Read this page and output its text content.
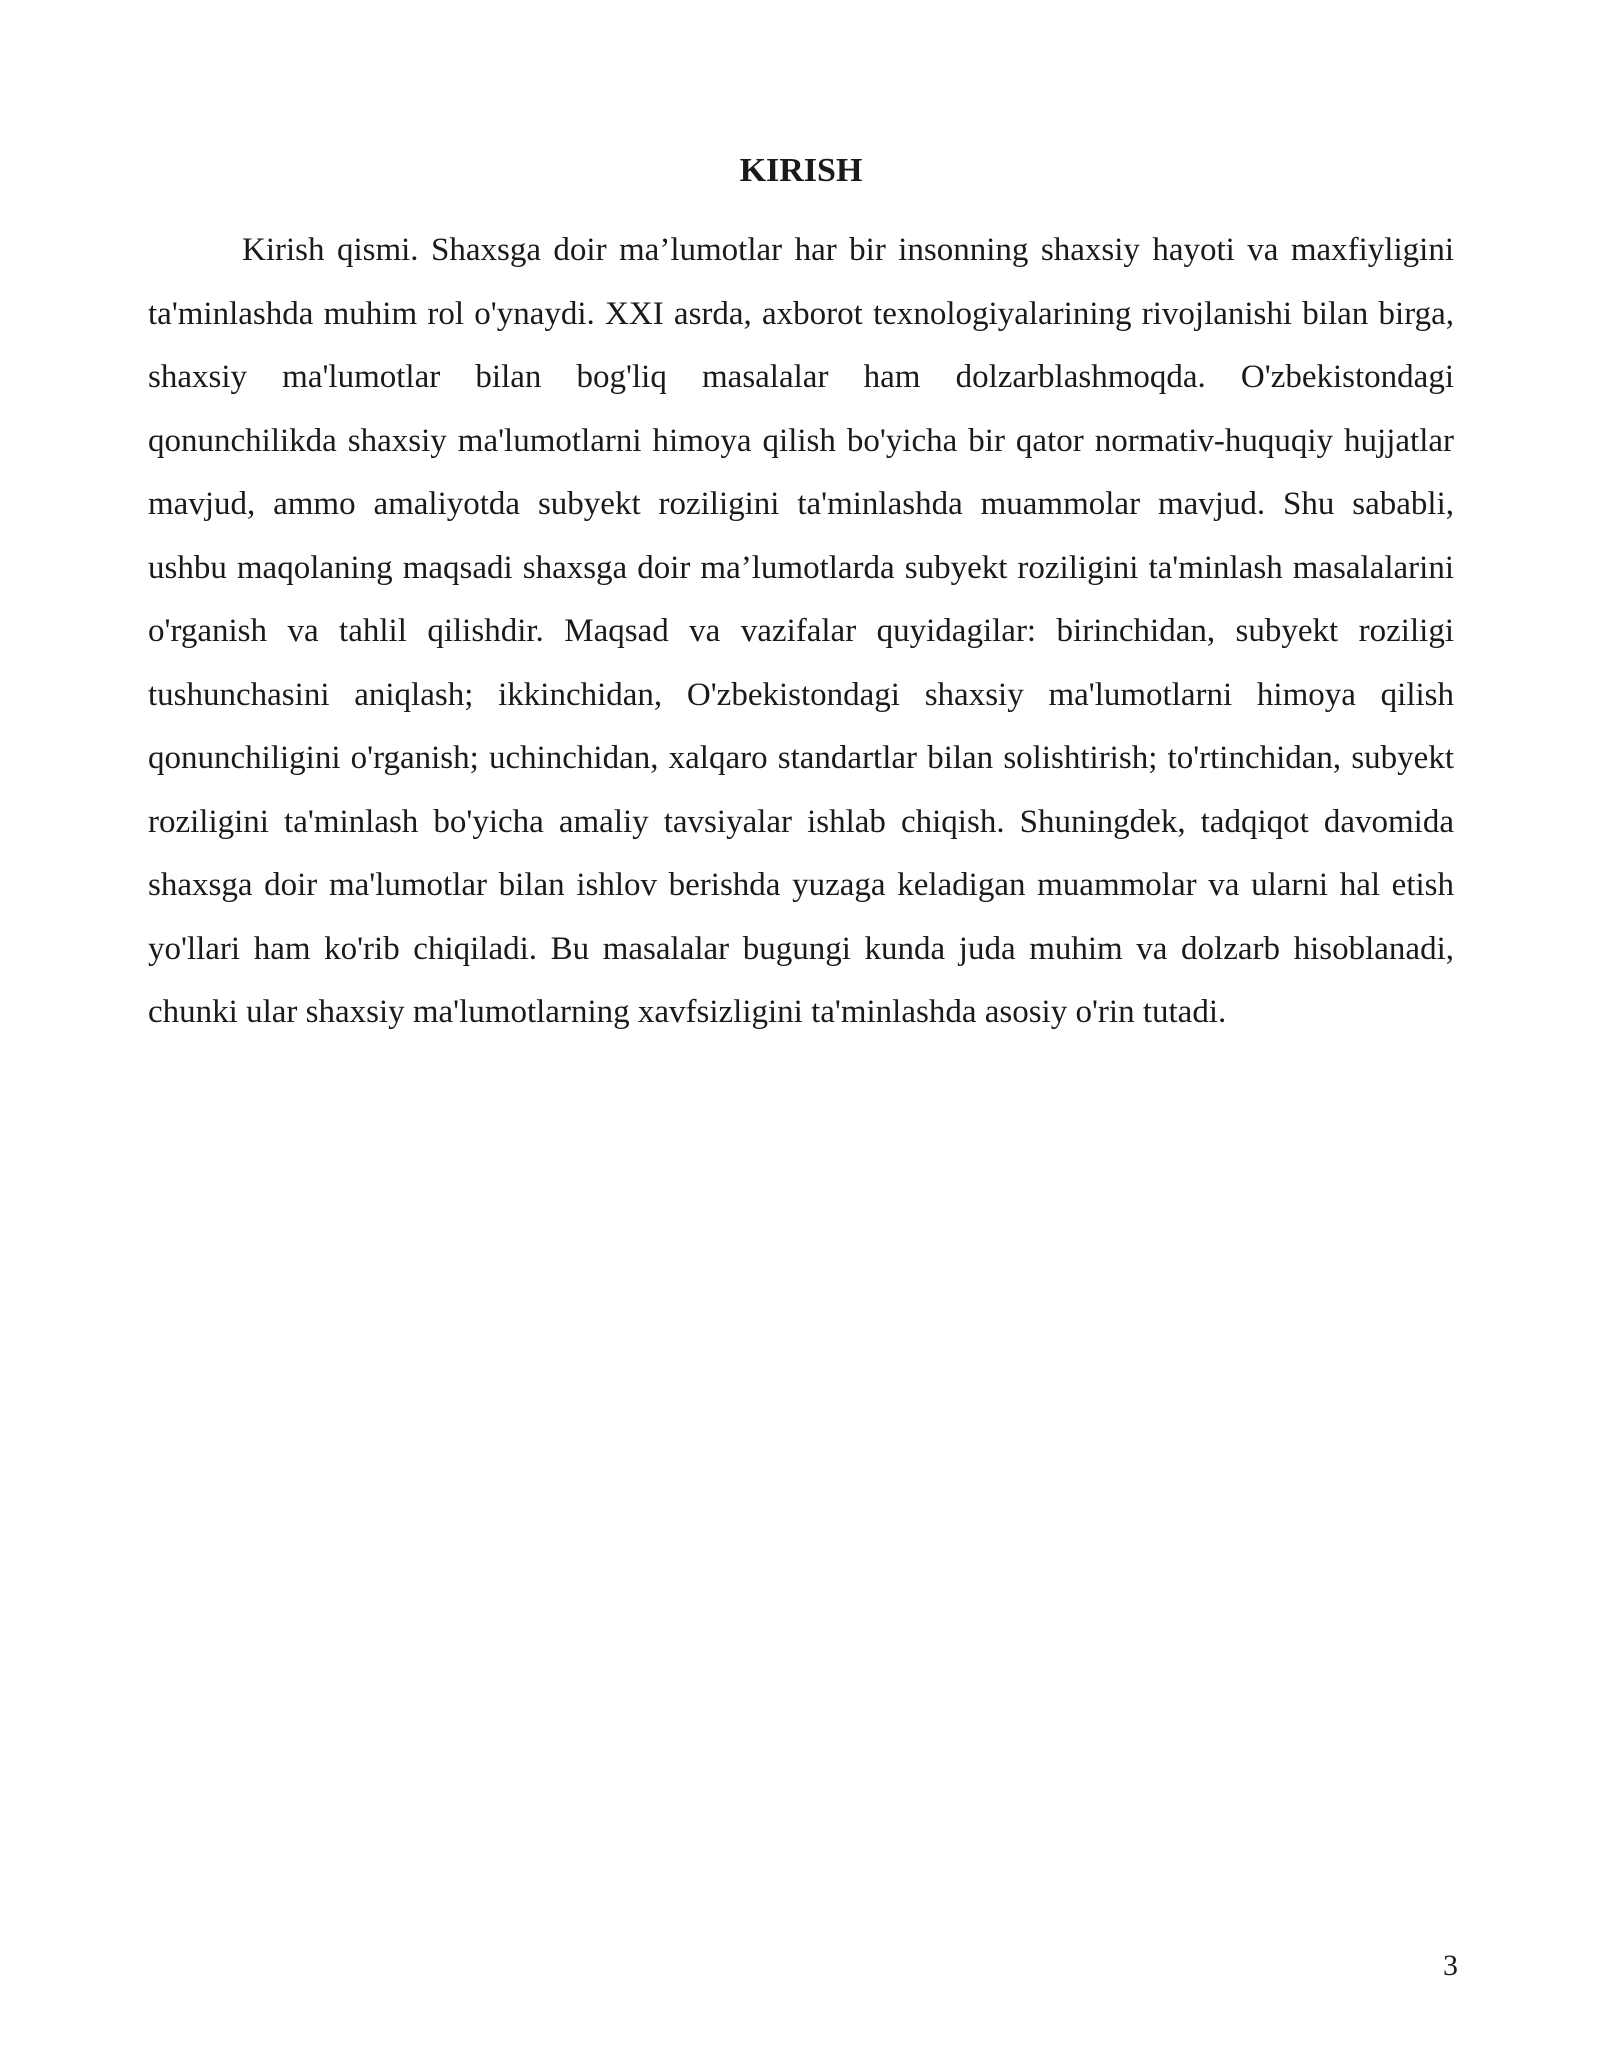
KIRISH

Kirish qismi. Shaxsga doir ma’lumotlar har bir insonning shaxsiy hayoti va maxfiyligini ta'minlashda muhim rol o'ynaydi. XXI asrda, axborot texnologiyalarining rivojlanishi bilan birga, shaxsiy ma'lumotlar bilan bog'liq masalalar ham dolzarblashmoqda. O'zbekistondagi qonunchilikda shaxsiy ma'lumotlarni himoya qilish bo'yicha bir qator normativ-huquqiy hujjatlar mavjud, ammo amaliyotda subyekt roziligini ta'minlashda muammolar mavjud. Shu sababli, ushbu maqolaning maqsadi shaxsga doir ma’lumotlarda subyekt roziligini ta'minlash masalalarini o'rganish va tahlil qilishdir. Maqsad va vazifalar quyidagilar: birinchidan, subyekt roziligi tushunchasini aniqlash; ikkinchidan, O'zbekistondagi shaxsiy ma'lumotlarni himoya qilish qonunchiligini o'rganish; uchinchidan, xalqaro standartlar bilan solishtirish; to'rtinchidan, subyekt roziligini ta'minlash bo'yicha amaliy tavsiyalar ishlab chiqish. Shuningdek, tadqiqot davomida shaxsga doir ma'lumotlar bilan ishlov berishda yuzaga keladigan muammolar va ularni hal etish yo'llari ham ko'rib chiqiladi. Bu masalalar bugungi kunda juda muhim va dolzarb hisoblanadi, chunki ular shaxsiy ma'lumotlarning xavfsizligini ta'minlashda asosiy o'rin tutadi.

3
